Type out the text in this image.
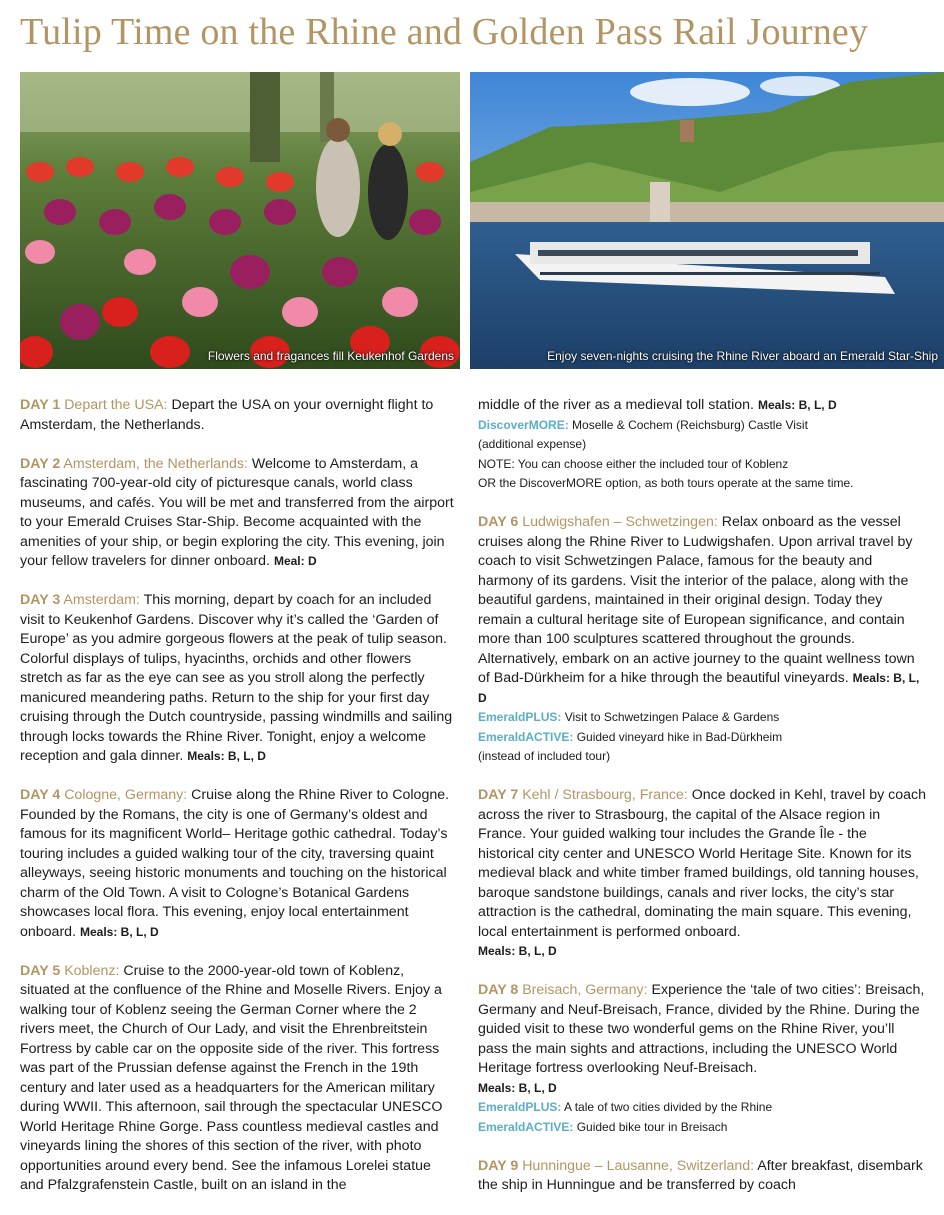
Tulip Time on the Rhine and Golden Pass Rail Journey
Flowers and fragances fill Keukenhof Gardens	Enjoy seven-nights cruising the Rhine River aboard an Emerald Star-Ship

DAY 1 Depart the USA: Depart the USA on your overnight flight to Amsterdam, the Netherlands.

DAY 2 Amsterdam, the Netherlands: Welcome to Amsterdam, a fascinating 700-year-old city of picturesque canals, world class museums, and cafés. You will be met and transferred from the airport to your Emerald Cruises Star-Ship. Become acquainted with the amenities of your ship, or begin exploring the city. This evening, join your fellow travelers for dinner onboard. Meal: D

DAY 3 Amsterdam: This morning, depart by coach for an included visit to Keukenhof Gardens. Discover why it’s called the ‘Garden of Europe’ as you admire gorgeous flowers at the peak of tulip season. Colorful displays of tulips, hyacinths, orchids and other flowers stretch as far as the eye can see as you stroll along the perfectly manicured meandering paths. Return to the ship for your first day cruising through the Dutch countryside, passing windmills and sailing through locks towards the Rhine River. Tonight, enjoy a welcome reception and gala dinner. Meals: B, L, D

DAY 4 Cologne, Germany: Cruise along the Rhine River to Cologne. Founded by the Romans, the city is one of Germany’s oldest and famous for its magnificent World– Heritage gothic cathedral. Today’s touring includes a guided walking tour of the city, traversing quaint alleyways, seeing historic monuments and touching on the historical charm of the Old Town. A visit to Cologne’s Botanical Gardens showcases local flora. This evening, enjoy local entertainment onboard. Meals: B, L, D

DAY 5 Koblenz: Cruise to the 2000-year-old town of Koblenz, situated at the confluence of the Rhine and Moselle Rivers. Enjoy a walking tour of Koblenz seeing the German Corner where the 2 rivers meet, the Church of Our Lady, and visit the Ehrenbreitstein Fortress by cable car on the opposite side of the river. This fortress was part of the Prussian defense against the French in the 19th century and later used as a headquarters for the American military during WWII. This afternoon, sail through the spectacular UNESCO World Heritage Rhine Gorge. Pass countless medieval castles and vineyards lining the shores of this section of the river, with photo opportunities around every bend. See the infamous Lorelei statue and Pfalzgrafenstein Castle, built on an island in the

middle of the river as a medieval toll station. Meals: B, L, D
DiscoverMORE: Moselle & Cochem (Reichsburg) Castle Visit
(additional expense)
NOTE: You can choose either the included tour of Koblenz
OR the DiscoverMORE option, as both tours operate at the same time.
DAY 6 Ludwigshafen – Schwetzingen: Relax onboard as the vessel cruises along the Rhine River to Ludwigshafen. Upon arrival travel by coach to visit Schwetzingen Palace, famous for the beauty and harmony of its gardens. Visit the interior of the palace, along with the beautiful gardens, maintained in their original design. Today they remain a cultural heritage site of European significance, and contain more than 100 sculptures scattered throughout the grounds. Alternatively, embark on an active journey to the quaint wellness town of Bad-Dürkheim for a hike through the beautiful vineyards. Meals: B, L, D
EmeraldPLUS: Visit to Schwetzingen Palace & Gardens
EmeraldACTIVE: Guided vineyard hike in Bad-Dürkheim
(instead of included tour)
DAY 7 Kehl / Strasbourg, France: Once docked in Kehl, travel by coach across the river to Strasbourg, the capital of the Alsace region in France. Your guided walking tour includes the Grande Île - the historical city center and UNESCO World Heritage Site. Known for its medieval black and white timber framed buildings, old tanning houses, baroque sandstone buildings, canals and river locks, the city’s star attraction is the cathedral, dominating the main square. This evening, local entertainment is performed onboard.
Meals: B, L, D
DAY 8 Breisach, Germany: Experience the ‘tale of two cities’: Breisach, Germany and Neuf-Breisach, France, divided by the Rhine. During the guided visit to these two wonderful gems on the Rhine River, you’ll pass the main sights and attractions, including the UNESCO World Heritage fortress overlooking Neuf-Breisach.
Meals: B, L, D
EmeraldPLUS: A tale of two cities divided by the Rhine
EmeraldACTIVE: Guided bike tour in Breisach
DAY 9 Hunningue – Lausanne, Switzerland: After breakfast, disembark the ship in Hunningue and be transferred by coach
